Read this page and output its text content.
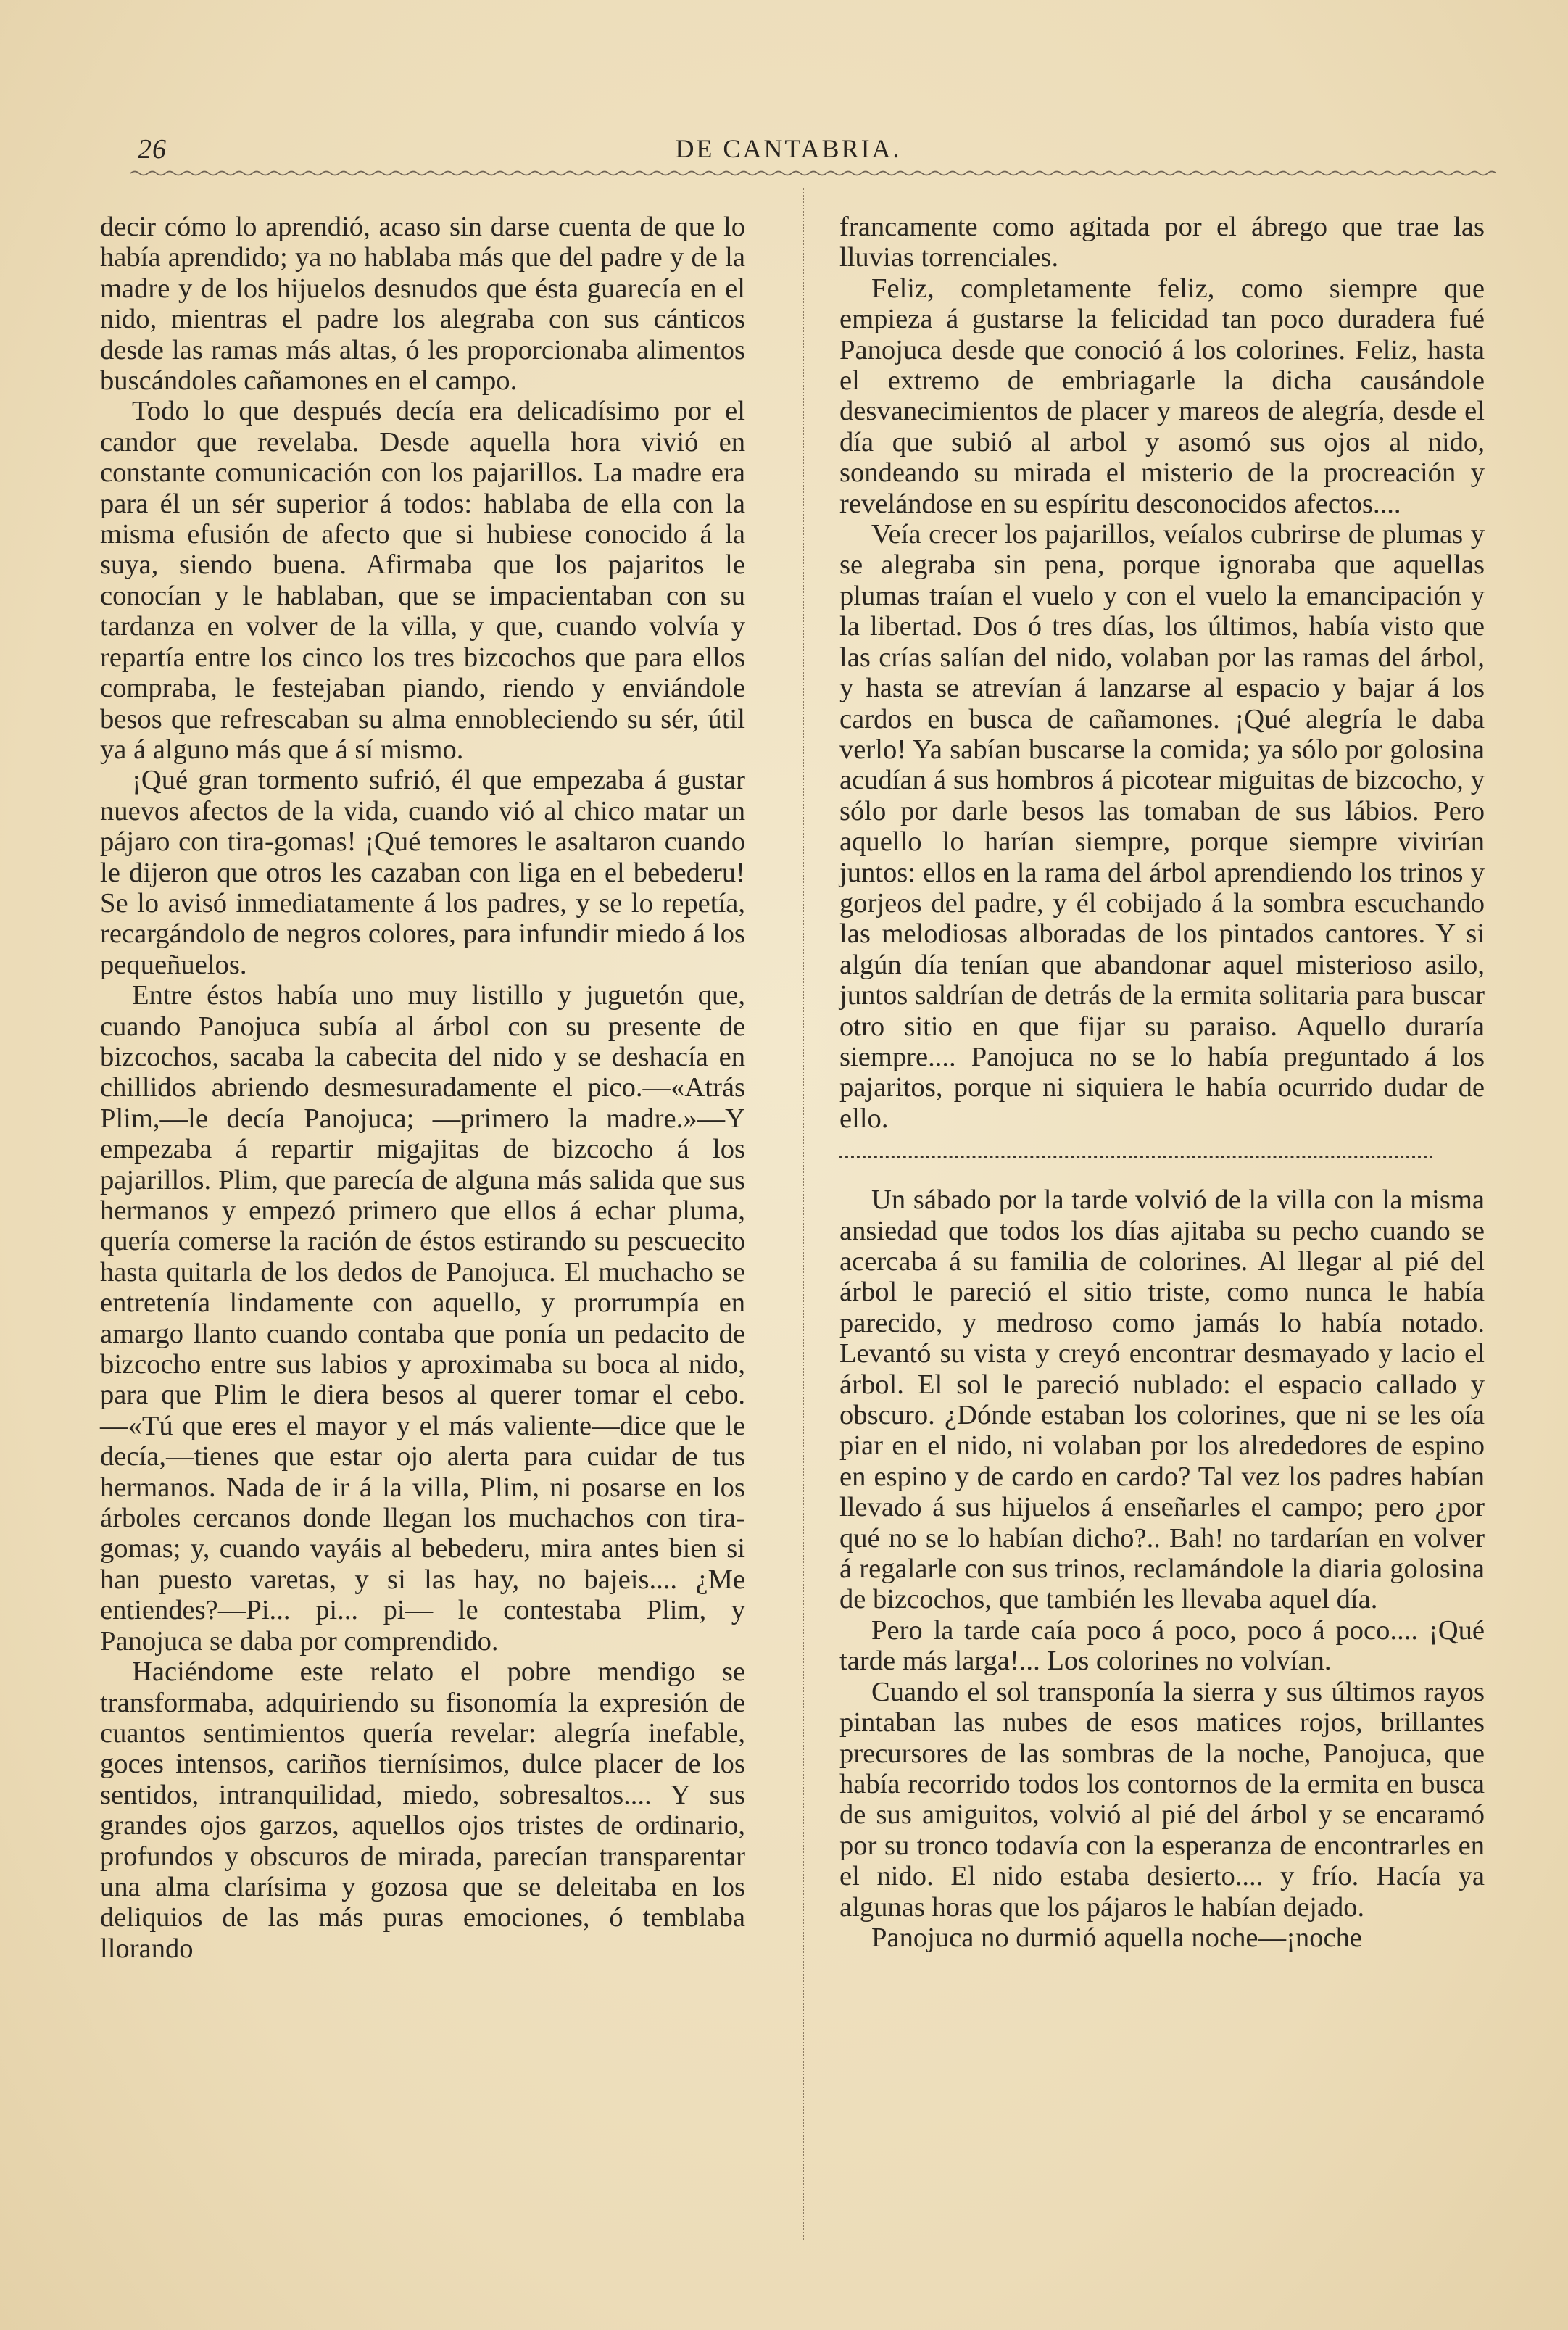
26	DE CANTABRIA.

decir cómo lo aprendió, acaso sin darse cuenta de que lo había aprendido; ya no hablaba más que del padre y de la madre y de los hijuelos desnudos que ésta guarecía en el nido, mientras el padre los alegraba con sus cánticos desde las ramas más altas, ó les proporcionaba alimentos buscándoles cañamones en el campo.

Todo lo que después decía era delicadísimo por el candor que revelaba. Desde aquella hora vivió en constante comunicación con los pajarillos. La madre era para él un sér superior á todos: hablaba de ella con la misma efusión de afecto que si hubiese conocido á la suya, siendo buena. Afirmaba que los pajaritos le conocían y le hablaban, que se impacientaban con su tardanza en volver de la villa, y que, cuando volvía y repartía entre los cinco los tres bizcochos que para ellos compraba, le festejaban piando, riendo y enviándole besos que refrescaban su alma ennobleciendo su sér, útil ya á alguno más que á sí mismo.

¡Qué gran tormento sufrió, él que empezaba á gustar nuevos afectos de la vida, cuando vió al chico matar un pájaro con tira-gomas! ¡Qué temores le asaltaron cuando le dijeron que otros les cazaban con liga en el bebederu! Se lo avisó inmediatamente á los padres, y se lo repetía, recargándolo de negros colores, para infundir miedo á los pequeñuelos.

Entre éstos había uno muy listillo y juguetón que, cuando Panojuca subía al árbol con su presente de bizcochos, sacaba la cabecita del nido y se deshacía en chillidos abriendo desmesuradamente el pico.—«Atrás Plim,—le decía Panojuca; —primero la madre.»—Y empezaba á repartir migajitas de bizcocho á los pajarillos. Plim, que parecía de alguna más salida que sus hermanos y empezó primero que ellos á echar pluma, quería comerse la ración de éstos estirando su pescuecito hasta quitarla de los dedos de Panojuca. El muchacho se entretenía lindamente con aquello, y prorrumpía en amargo llanto cuando contaba que ponía un pedacito de bizcocho entre sus labios y aproximaba su boca al nido, para que Plim le diera besos al querer tomar el cebo.—«Tú que eres el mayor y el más valiente—dice que le decía,—tienes que estar ojo alerta para cuidar de tus hermanos. Nada de ir á la villa, Plim, ni posarse en los árboles cercanos donde llegan los muchachos con tira-gomas; y, cuando vayáis al bebederu, mira antes bien si han puesto varetas, y si las hay, no bajeis.... ¿Me entiendes?—Pi... pi... pi— le contestaba Plim, y Panojuca se daba por comprendido.

Haciéndome este relato el pobre mendigo se transformaba, adquiriendo su fisonomía la expresión de cuantos sentimientos quería revelar: alegría inefable, goces intensos, cariños tiernísimos, dulce placer de los sentidos, intranquilidad, miedo, sobresaltos.... Y sus grandes ojos garzos, aquellos ojos tristes de ordinario, profundos y obscuros de mirada, parecían transparentar una alma clarísima y gozosa que se deleitaba en los deliquios de las más puras emociones, ó temblaba llorando

francamente como agitada por el ábrego que trae las lluvias torrenciales.

Feliz, completamente feliz, como siempre que empieza á gustarse la felicidad tan poco duradera fué Panojuca desde que conoció á los colorines. Feliz, hasta el extremo de embriagarle la dicha causándole desvanecimientos de placer y mareos de alegría, desde el día que subió al arbol y asomó sus ojos al nido, sondeando su mirada el misterio de la procreación y revelándose en su espíritu desconocidos afectos....

Veía crecer los pajarillos, veíalos cubrirse de plumas y se alegraba sin pena, porque ignoraba que aquellas plumas traían el vuelo y con el vuelo la emancipación y la libertad. Dos ó tres días, los últimos, había visto que las crías salían del nido, volaban por las ramas del árbol, y hasta se atrevían á lanzarse al espacio y bajar á los cardos en busca de cañamones. ¡Qué alegría le daba verlo! Ya sabían buscarse la comida; ya sólo por golosina acudían á sus hombros á picotear miguitas de bizcocho, y sólo por darle besos las tomaban de sus lábios. Pero aquello lo harían siempre, porque siempre vivirían juntos: ellos en la rama del árbol aprendiendo los trinos y gorjeos del padre, y él cobijado á la sombra escuchando las melodiosas alboradas de los pintados cantores. Y si algún día tenían que abandonar aquel misterioso asilo, juntos saldrían de detrás de la ermita solitaria para buscar otro sitio en que fijar su paraiso. Aquello duraría siempre.... Panojuca no se lo había preguntado á los pajaritos, porque ni siquiera le había ocurrido dudar de ello.

Un sábado por la tarde volvió de la villa con la misma ansiedad que todos los días ajitaba su pecho cuando se acercaba á su familia de colorines. Al llegar al pié del árbol le pareció el sitio triste, como nunca le había parecido, y medroso como jamás lo había notado. Levantó su vista y creyó encontrar desmayado y lacio el árbol. El sol le pareció nublado: el espacio callado y obscuro. ¿Dónde estaban los colorines, que ni se les oía piar en el nido, ni volaban por los alrededores de espino en espino y de cardo en cardo? Tal vez los padres habían llevado á sus hijuelos á enseñarles el campo; pero ¿por qué no se lo habían dicho?.. Bah! no tardarían en volver á regalarle con sus trinos, reclamándole la diaria golosina de bizcochos, que también les llevaba aquel día.

Pero la tarde caía poco á poco, poco á poco.... ¡Qué tarde más larga!... Los colorines no volvían.

Cuando el sol transponía la sierra y sus últimos rayos pintaban las nubes de esos matices rojos, brillantes precursores de las sombras de la noche, Panojuca, que había recorrido todos los contornos de la ermita en busca de sus amiguitos, volvió al pié del árbol y se encaramó por su tronco todavía con la esperanza de encontrarles en el nido. El nido estaba desierto.... y frío. Hacía ya algunas horas que los pájaros le habían dejado.

Panojuca no durmió aquella noche—¡noche
